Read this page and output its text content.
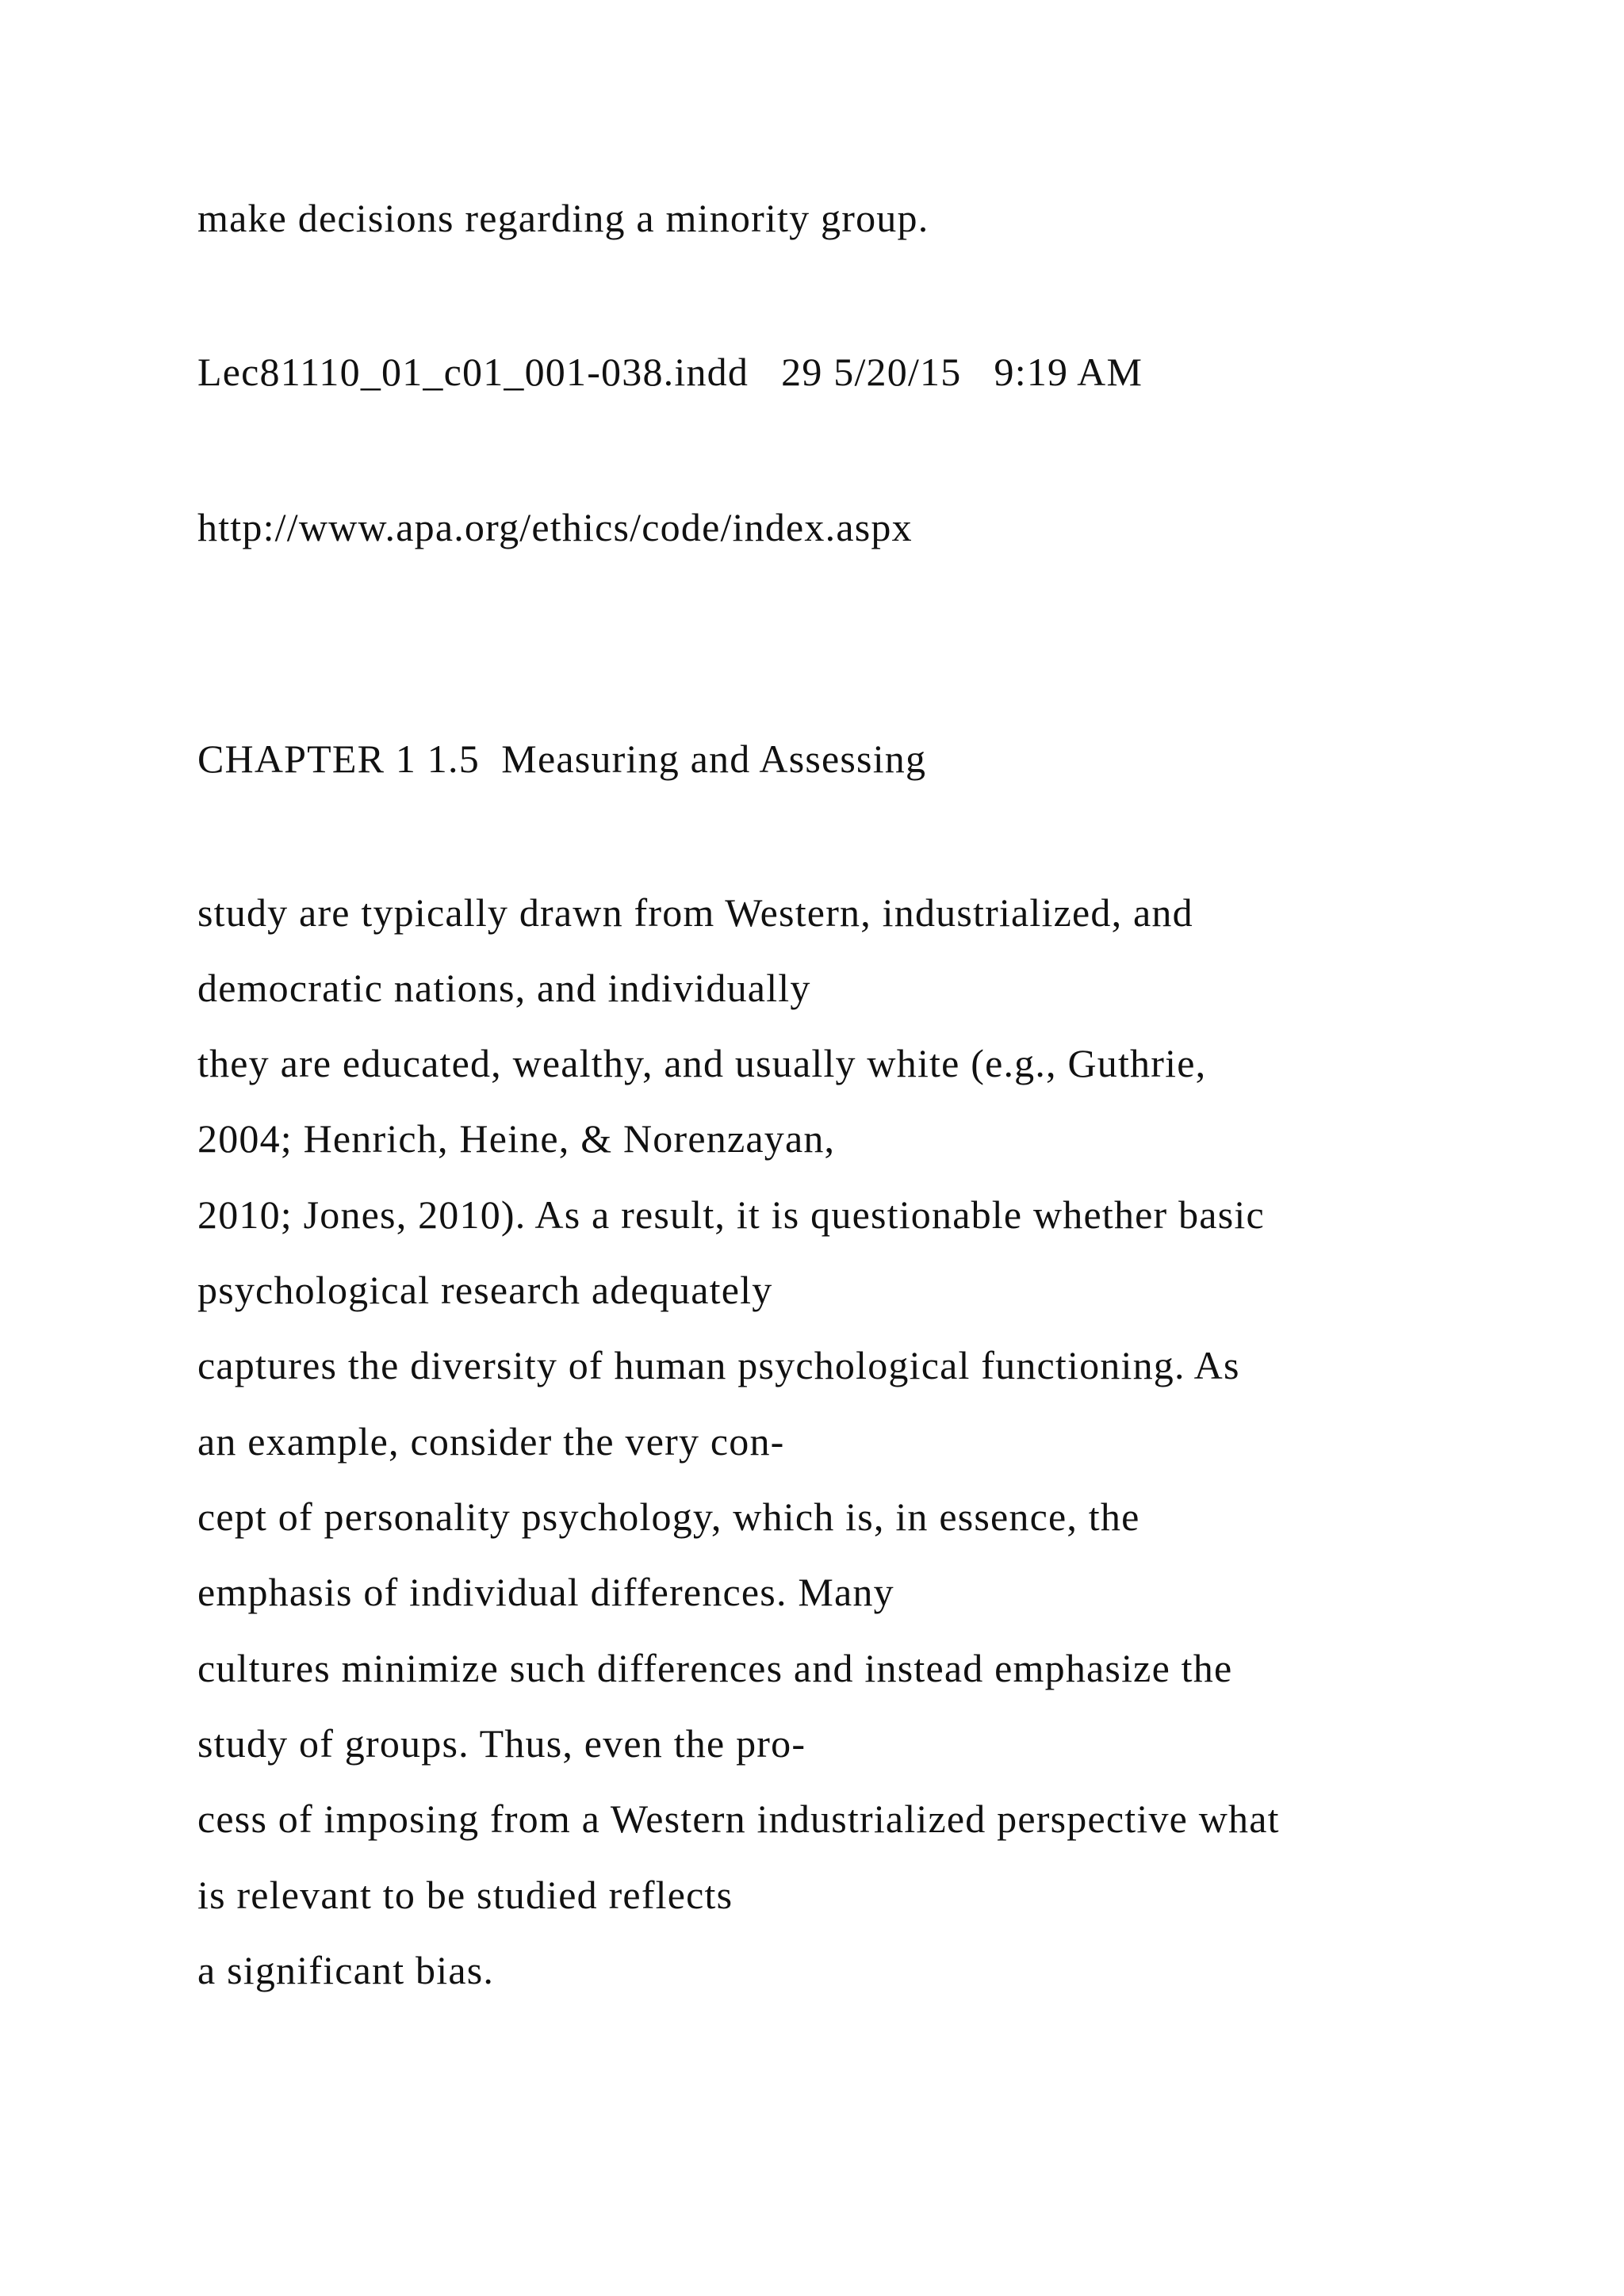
make decisions regarding a minority group.

Lec81110_01_c01_001-038.indd   29 5/20/15   9:19 AM

http://www.apa.org/ethics/code/index.aspx

CHAPTER 1 1.5  Measuring and Assessing

study are typically drawn from Western, industrialized, and

democratic nations, and individually

they are educated, wealthy, and usually white (e.g., Guthrie,

2004; Henrich, Heine, & Norenzayan,

2010; Jones, 2010). As a result, it is questionable whether basic

psychological research adequately

captures the diversity of human psychological functioning. As

an example, consider the very con-

cept of personality psychology, which is, in essence, the

emphasis of individual differences. Many

cultures minimize such differences and instead emphasize the

study of groups. Thus, even the pro-

cess of imposing from a Western industrialized perspective what

is relevant to be studied reflects

a significant bias.
